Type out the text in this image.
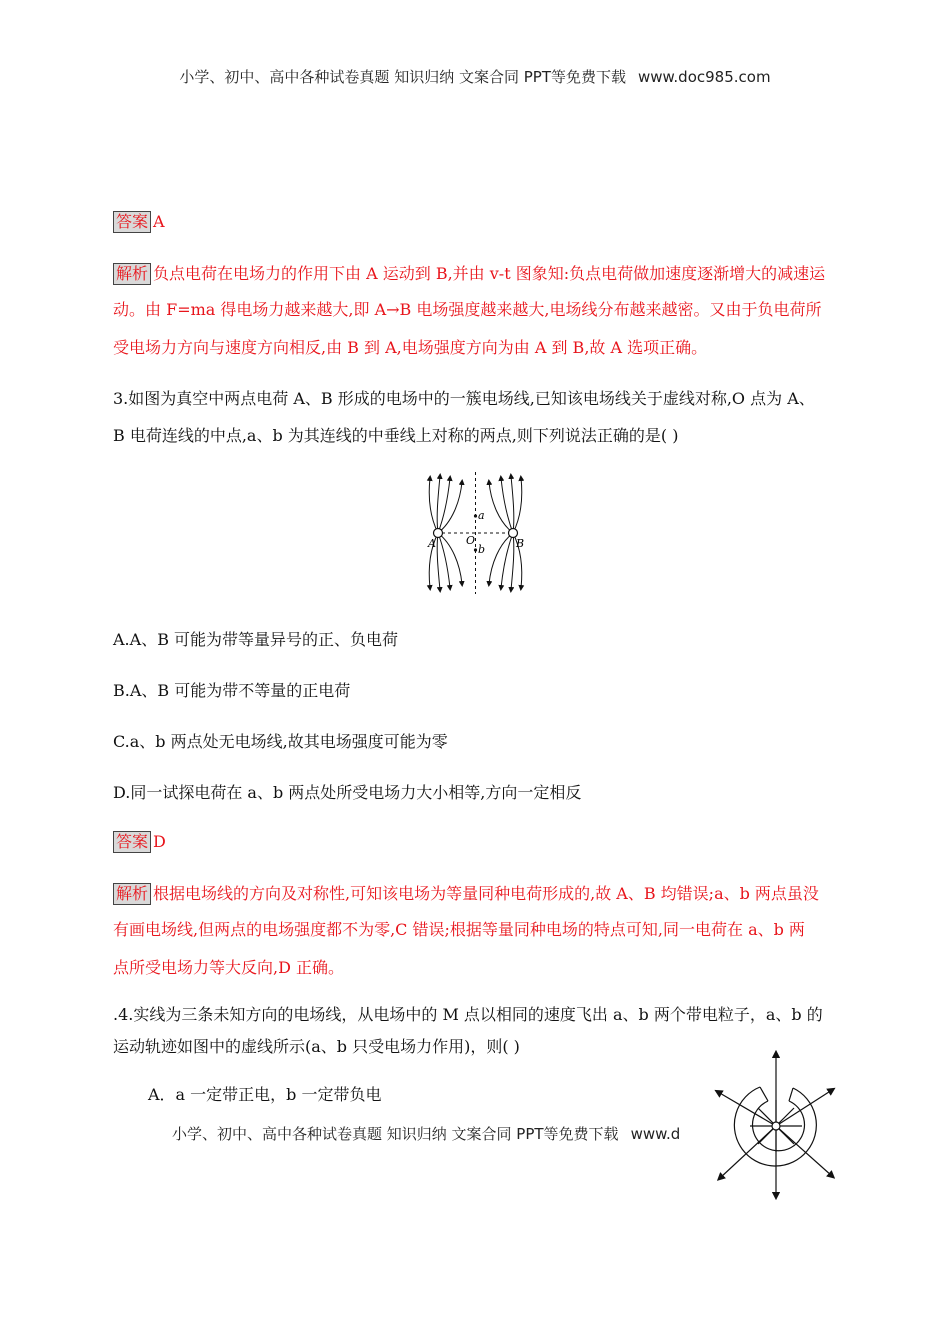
小学、初中、高中各种试卷真题 知识归纳 文案合同 PPT等免费下载 www.doc985.com
答案 A
解析 负点电荷在电场力的作用下由 A 运动到 B,并由 v-t 图象知:负点电荷做加速度逐渐增大的减速运
动。由 F=ma 得电场力越来越大,即 A→B 电场强度越来越大,电场线分布越来越密。又由于负电荷所
受电场力方向与速度方向相反,由 B 到 A,电场强度方向为由 A 到 B,故 A 选项正确。
3.如图为真空中两点电荷 A、B 形成的电场中的一簇电场线,已知该电场线关于虚线对称,O 点为 A、
B 电荷连线的中点,a、b 为其连线的中垂线上对称的两点,则下列说法正确的是( )
a
b
O
A	B
A.A、B 可能为带等量异号的正、负电荷
B.A、B 可能为带不等量的正电荷
C.a、b 两点处无电场线,故其电场强度可能为零
D.同一试探电荷在 a、b 两点处所受电场力大小相等,方向一定相反
答案 D
解析 根据电场线的方向及对称性,可知该电场为等量同种电荷形成的,故 A、B 均错误;a、b 两点虽没
有画电场线,但两点的电场强度都不为零,C 错误;根据等量同种电场的特点可知,同一电荷在 a、b 两
点所受电场力等大反向,D 正确。
.4.实线为三条未知方向的电场线，从电场中的 M 点以相同的速度飞出 a、b 两个带电粒子，a、b 的
运动轨迹如图中的虚线所示(a、b 只受电场力作用)，则( )
A．a 一定带正电，b 一定带负电
小学、初中、高中各种试卷真题 知识归纳 文案合同 PPT等免费下载 www.d
